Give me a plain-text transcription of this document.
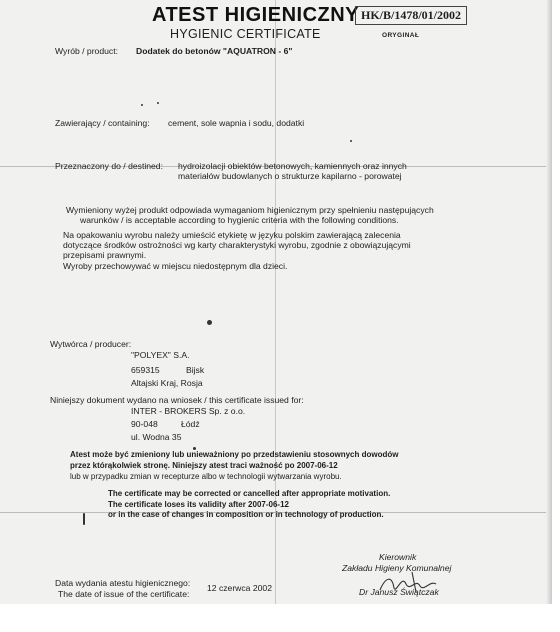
ATEST HIGIENICZNY HK/B/1478/01/2002
HYGIENIC CERTIFICATE	ORYGINAŁ
Wyrób / product: Dodatek do betonów "AQUATRON - 6"
Zawierający / containing: cement, sole wapnia i sodu, dodatki
Przeznaczony do / destined: hydroizolacji obiektów betonowych, kamiennych oraz innych
materiałów budowlanych o strukturze kapilarno - porowatej
Wymieniony wyżej produkt odpowiada wymaganiom higienicznym przy spełnieniu następujących
warunków / is acceptable according to hygienic criteria with the following conditions.
Na opakowaniu wyrobu należy umieścić etykietę w języku polskim zawierającą zalecenia
dotyczące środków ostrożności wg karty charakterystyki wyrobu, zgodnie z obowiązującymi
przepisami prawnymi.
Wyroby przechowywać w miejscu niedostępnym dla dzieci.
Wytwórca / producer:
"POLYEX" S.A.
659315	Bijsk
Altajski Kraj, Rosja
Niniejszy dokument wydano na wniosek / this certificate issued for:
INTER - BROKERS Sp. z o.o.
90-048	Łódź
ul. Wodna 35
Atest może być zmieniony lub unieważniony po przedstawieniu stosownych dowodów
przez którąkolwiek stronę. Niniejszy atest traci ważność po 2007-06-12
lub w przypadku zmian w recepturze albo w technologii wytwarzania wyrobu.
The certificate may be corrected or cancelled after appropriate motivation.
The certificate loses its validity after 2007-06-12
or in the case of changes in composition or in technology of production.
Kierownik
Zakładu Higieny Komunalnej
Dr Janusz Świątczak
Data wydania atestu higienicznego:
The date of issue of the certificate:
12 czerwca 2002
